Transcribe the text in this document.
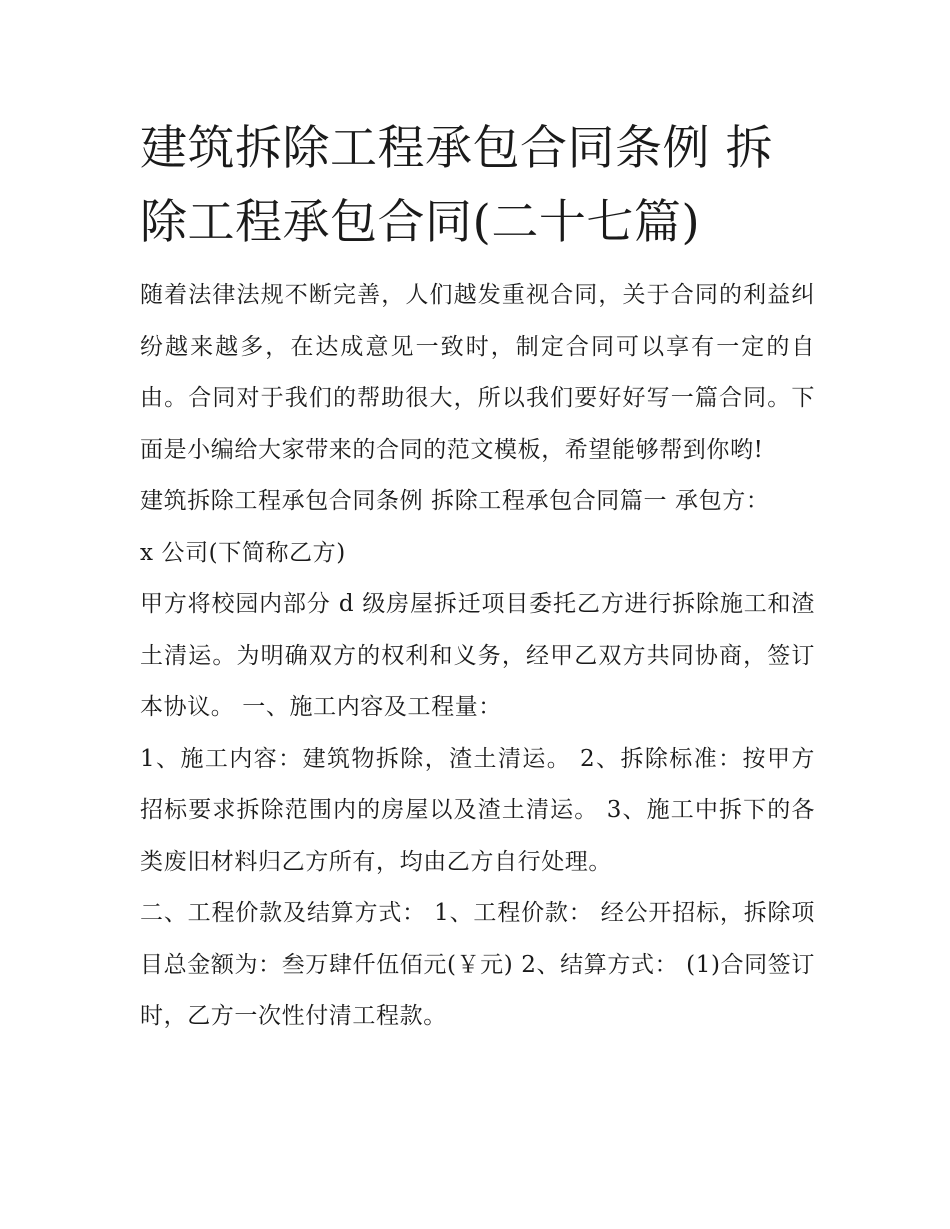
建筑拆除工程承包合同条例 拆除工程承包合同(二十七篇)

随着法律法规不断完善，人们越发重视合同，关于合同的利益纠纷越来越多，在达成意见一致时，制定合同可以享有一定的自由。合同对于我们的帮助很大，所以我们要好好写一篇合同。下面是小编给大家带来的合同的范文模板，希望能够帮到你哟!

建筑拆除工程承包合同条例 拆除工程承包合同篇一 承包方：

x 公司(下简称乙方)

甲方将校园内部分 d 级房屋拆迁项目委托乙方进行拆除施工和渣土清运。为明确双方的权利和义务，经甲乙双方共同协商，签订本协议。 一、施工内容及工程量：

1、施工内容：建筑物拆除，渣土清运。 2、拆除标准：按甲方招标要求拆除范围内的房屋以及渣土清运。 3、施工中拆下的各类废旧材料归乙方所有，均由乙方自行处理。

二、工程价款及结算方式： 1、工程价款： 经公开招标，拆除项目总金额为：叁万肆仟伍佰元(￥元) 2、结算方式： (1)合同签订时，乙方一次性付清工程款。
